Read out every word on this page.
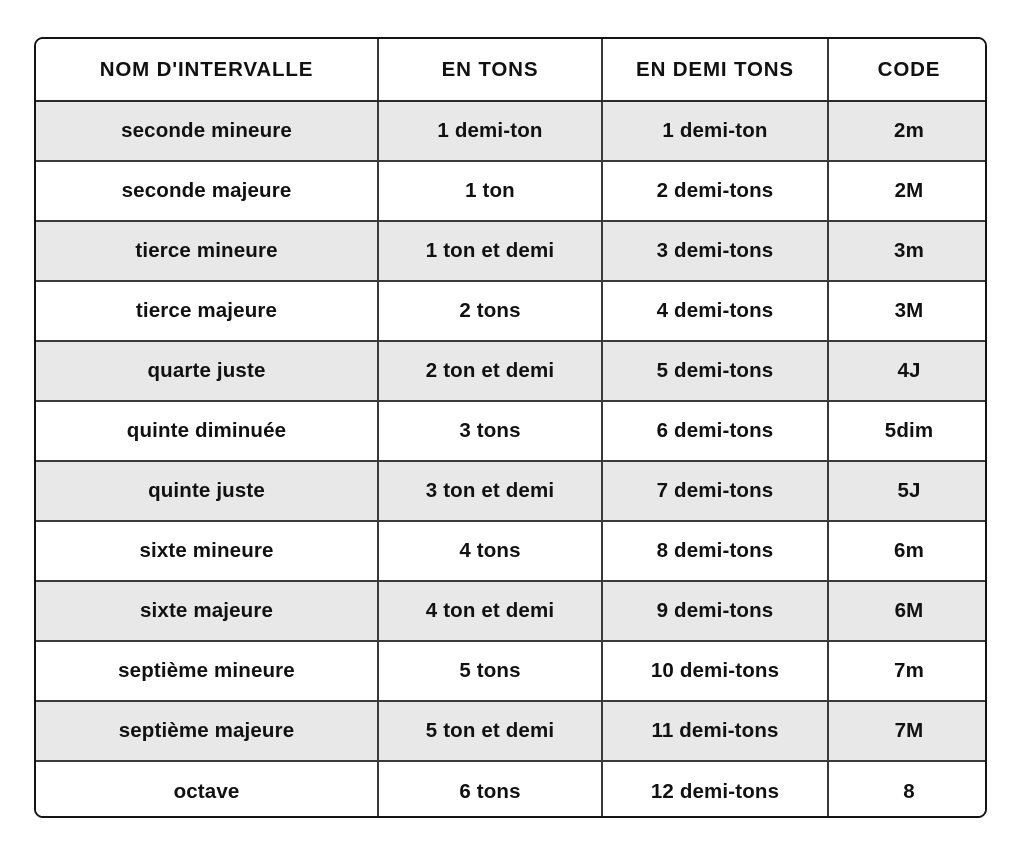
NOM D'INTERVALLE	EN TONS	EN DEMI TONS	CODE
seconde mineure	1 demi-ton	1 demi-ton	2m
seconde majeure	1 ton	2 demi-tons	2M
tierce mineure	1 ton et demi	3 demi-tons	3m
tierce majeure	2 tons	4 demi-tons	3M
quarte juste	2 ton et demi	5 demi-tons	4J
quinte diminuée	3 tons	6 demi-tons	5dim
quinte juste	3 ton et demi	7 demi-tons	5J
sixte mineure	4 tons	8 demi-tons	6m
sixte majeure	4 ton et demi	9 demi-tons	6M
septième mineure	5 tons	10 demi-tons	7m
septième majeure	5 ton et demi	11 demi-tons	7M
octave	6 tons	12 demi-tons	8
